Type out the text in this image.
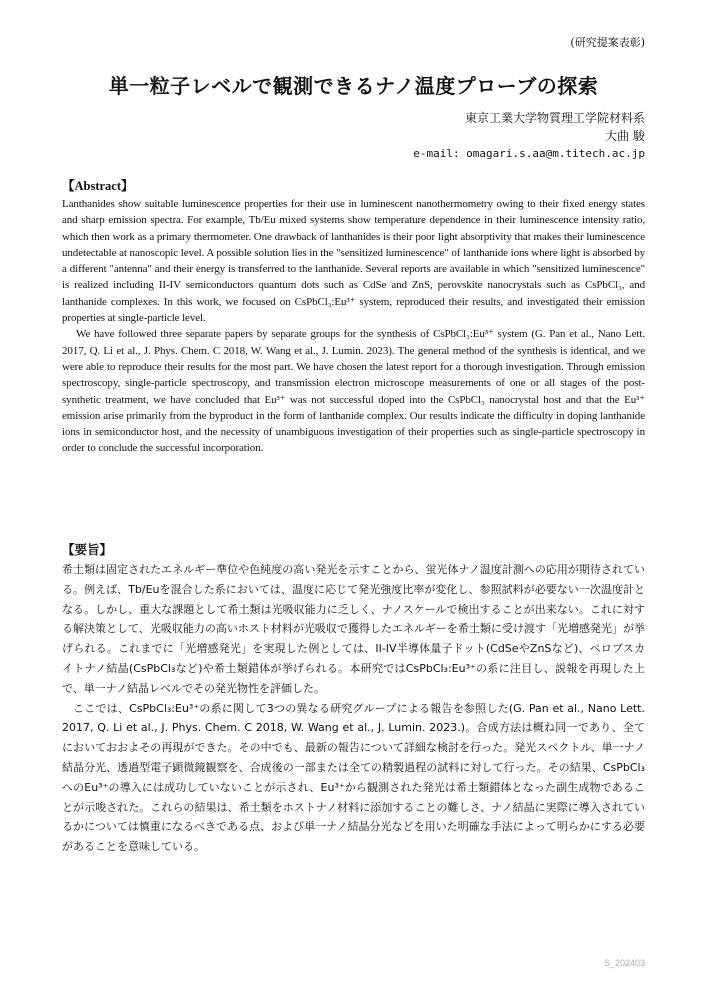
(研究提案表彰)
単一粒子レベルで観測できるナノ温度プローブの探索
東京工業大学物質理工学院材料系
大曲 駿
e-mail: omagari.s.aa@m.titech.ac.jp
【Abstract】

Lanthanides show suitable luminescence properties for their use in luminescent nanothermometry owing to their fixed energy states and sharp emission spectra. For example, Tb/Eu mixed systems show temperature dependence in their luminescence intensity ratio, which then work as a primary thermometer. One drawback of lanthanides is their poor light absorptivity that makes their luminescence undetectable at nanoscopic level. A possible solution lies in the "sensitized luminescence" of lanthanide ions where light is absorbed by a different "antenna" and their energy is transferred to the lanthanide. Several reports are available in which "sensitized luminescence" is realized including II-IV semiconductors quantum dots such as CdSe and ZnS, perovskite nanocrystals such as CsPbCl₃, and lanthanide complexes. In this work, we focused on CsPbCl₃:Eu³⁺ system, reproduced their results, and investigated their emission properties at single-particle level.

We have followed three separate papers by separate groups for the synthesis of CsPbCl₃:Eu³⁺ system (G. Pan et al., Nano Lett. 2017, Q. Li et al., J. Phys. Chem. C 2018, W. Wang et al., J. Lumin. 2023). The general method of the synthesis is identical, and we were able to reproduce their results for the most part. We have chosen the latest report for a thorough investigation. Through emission spectroscopy, single-particle spectroscopy, and transmission electron microscope measurements of one or all stages of the post-synthetic treatment, we have concluded that Eu³⁺ was not successful doped into the CsPbCl₃ nanocrystal host and that the Eu³⁺ emission arise primarily from the byproduct in the form of lanthanide complex. Our results indicate the difficulty in doping lanthanide ions in semiconductor host, and the necessity of unambiguous investigation of their properties such as single-particle spectroscopy in order to conclude the successful incorporation.

【要旨】

希土類は固定されたエネルギー準位や色純度の高い発光を示すことから、蛍光体ナノ温度計測への応用が期待されている。例えば、Tb/Euを混合した系においては、温度に応じて発光強度比率が変化し、参照試料が必要ない一次温度計となる。しかし、重大な課題として希土類は光吸収能力に乏しく、ナノスケールで検出することが出来ない。これに対する解決策として、光吸収能力の高いホスト材料が光吸収で獲得したエネルギーを希土類に受け渡す「光増感発光」が挙げられる。これまでに「光増感発光」を実現した例としては、II-IV半導体量子ドット(CdSeやZnSなど)、ペロブスカイトナノ結晶(CsPbCl₃など)や希土類錯体が挙げられる。本研究ではCsPbCl₃:Eu³⁺の系に注目し、説報を再現した上で、単一ナノ結晶レベルでその発光物性を評価した。

ここでは、CsPbCl₃:Eu³⁺の系に関して3つの異なる研究グループによる報告を参照した(G. Pan et al., Nano Lett. 2017, Q. Li et al., J. Phys. Chem. C 2018, W. Wang et al., J. Lumin. 2023.)。合成方法は概ね同一であり、全てにおいておおよその再現ができた。その中でも、最新の報告について詳細な検討を行った。発光スペクトル、単一ナノ結晶分光、透過型電子顕微鏡観察を、合成後の一部または全ての精製過程の試料に対して行った。その結果、CsPbCl₃へのEu³⁺の導入には成功していないことが示され、Eu³⁺から観測された発光は希土類錯体となった副生成物であることが示唆された。これらの結果は、希土類をホストナノ材料に添加することの難しさ、ナノ結晶に実際に導入されているかについては慎重になるべきである点、および単一ナノ結晶分光などを用いた明確な手法によって明らかにする必要があることを意味している。

S_202403
